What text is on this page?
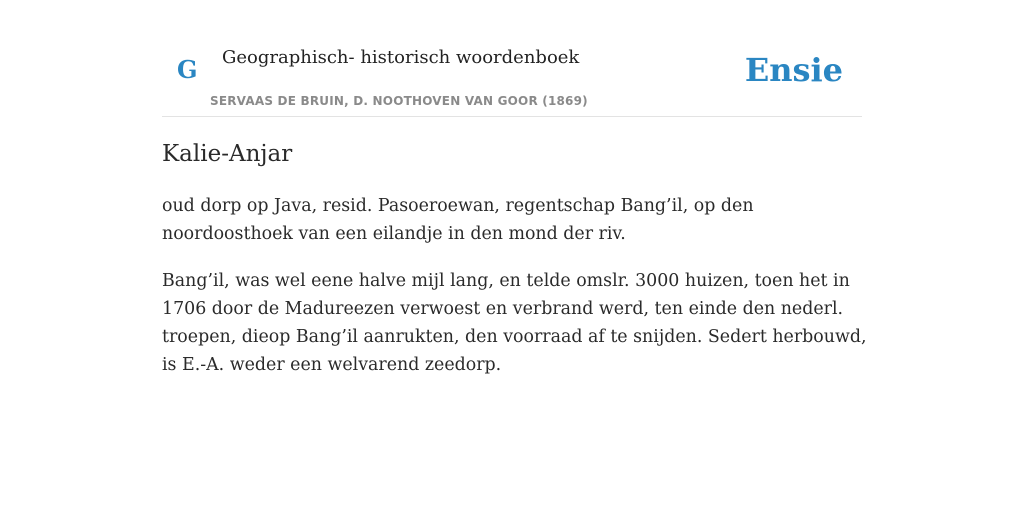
G Geographisch- historisch woordenboek
SERVAAS DE BRUIN, D. NOOTHOVEN VAN GOOR (1869)
Ensie
Kalie-Anjar

oud dorp op Java, resid. Pasoeroewan, regentschap Bang’il, op den noordoosthoek van een eilandje in den mond der riv.

Bang’il, was wel eene halve mijl lang, en telde omslr. 3000 huizen, toen het in 1706 door de Madureezen verwoest en verbrand werd, ten einde den nederl. troepen, dieop Bang’il aanrukten, den voorraad af te snijden. Sedert herbouwd, is E.-A. weder een welvarend zeedorp.
